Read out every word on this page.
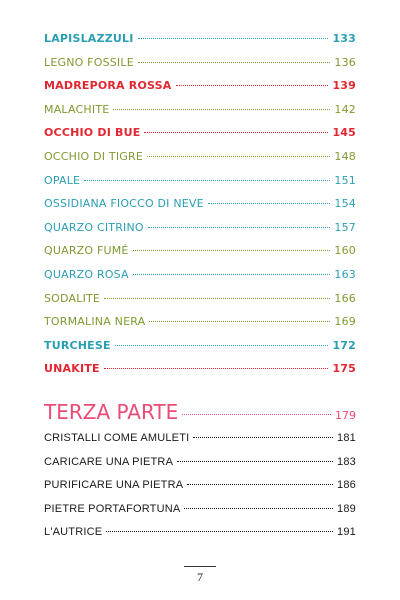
LAPISLAZZULI	133
LEGNO FOSSILE	136
MADREPORA ROSSA	139
MALACHITE	142
OCCHIO DI BUE	145
OCCHIO DI TIGRE	148
OPALE	151
OSSIDIANA FIOCCO DI NEVE	154
QUARZO CITRINO	157
QUARZO FUMÉ	160
QUARZO ROSA	163
SODALITE	166
TORMALINA NERA	169
TURCHESE	172
UNAKITE	175
TERZA PARTE	179
CRISTALLI COME AMULETI	181
CARICARE UNA PIETRA	183
PURIFICARE UNA PIETRA	186
PIETRE PORTAFORTUNA	189
L'AUTRICE	191
7
